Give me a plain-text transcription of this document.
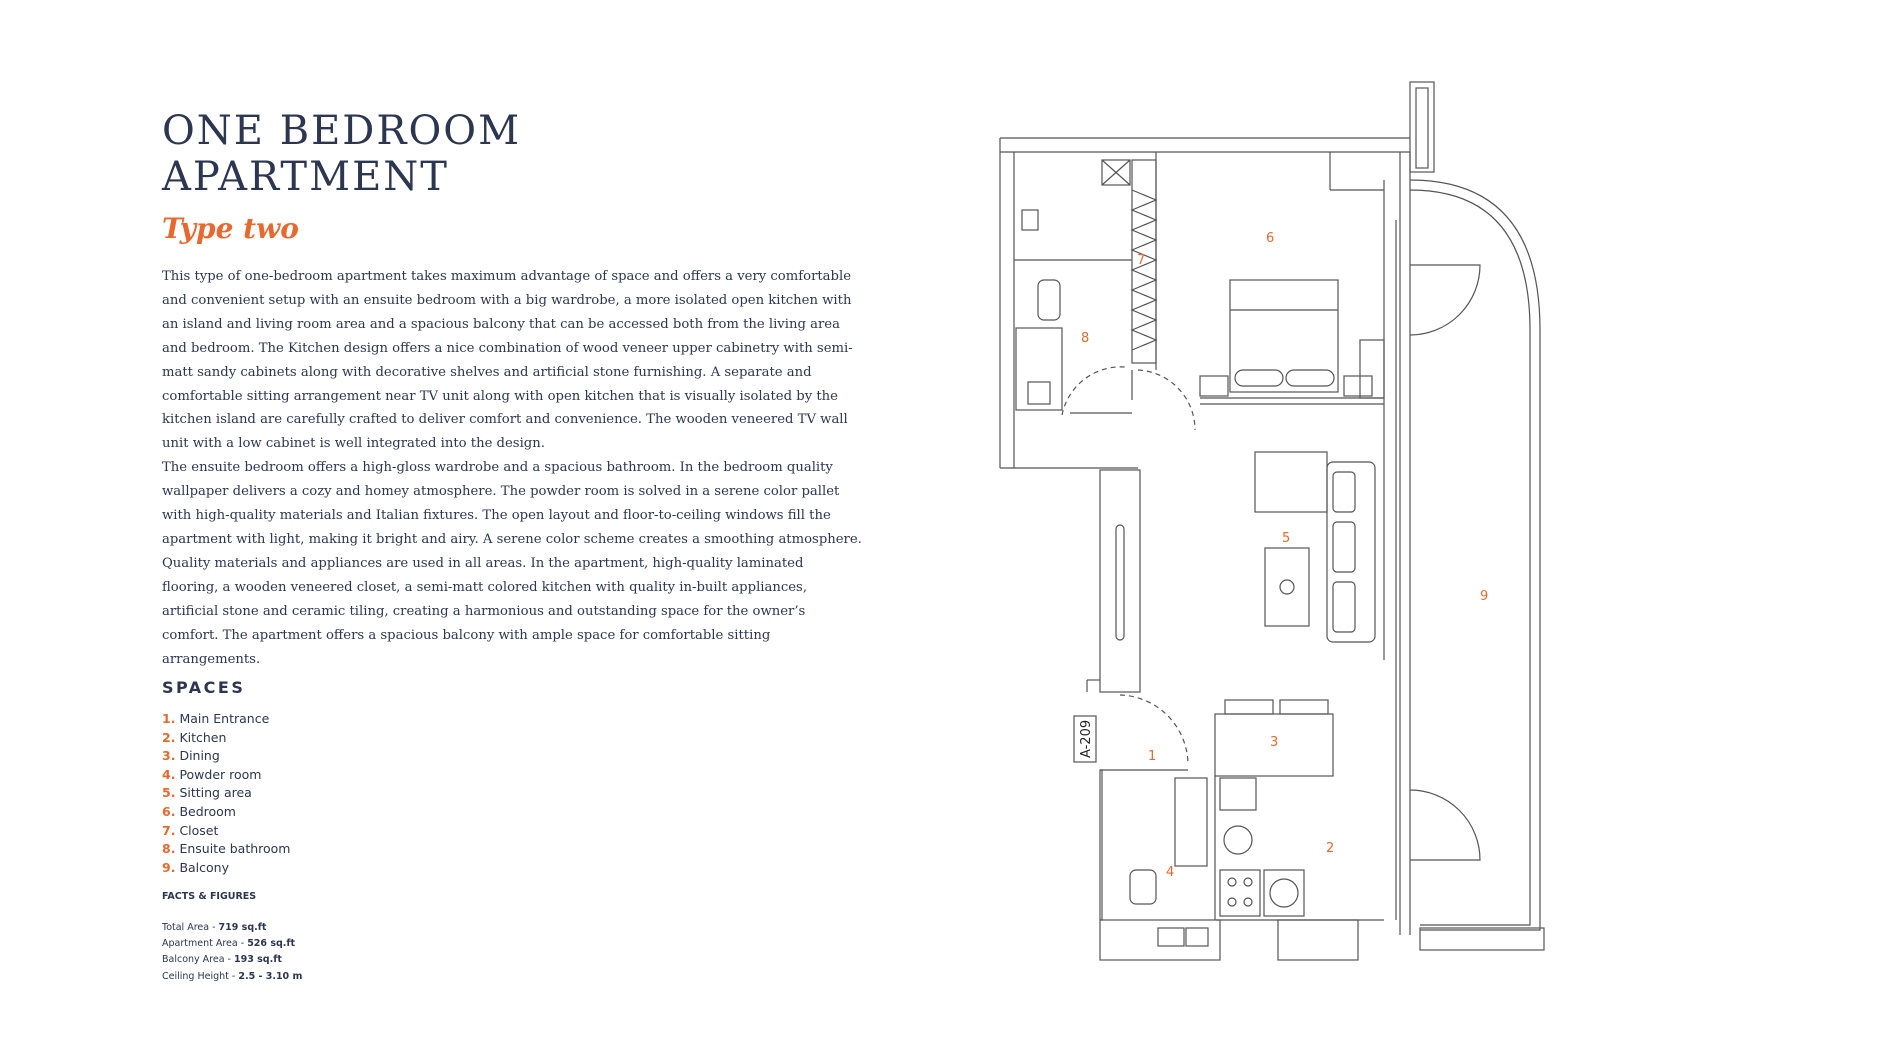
ONE BEDROOM
APARTMENT
Type two

This type of one-bedroom apartment takes maximum advantage of space and offers a very comfortable and convenient setup with an ensuite bedroom with a big wardrobe, a more isolated open kitchen with an island and living room area and a spacious balcony that can be accessed both from the living area and bedroom. The Kitchen design offers a nice combination of wood veneer upper cabinetry with semi-matt sandy cabinets along with decorative shelves and artificial stone furnishing. A separate and comfortable sitting arrangement near TV unit along with open kitchen that is visually isolated by the kitchen island are carefully crafted to deliver comfort and convenience. The wooden veneered TV wall unit with a low cabinet is well integrated into the design.

The ensuite bedroom offers a high-gloss wardrobe and a spacious bathroom. In the bedroom quality wallpaper delivers a cozy and homey atmosphere. The powder room is solved in a serene color pallet with high-quality materials and Italian fixtures. The open layout and floor-to-ceiling windows fill the apartment with light, making it bright and airy. A serene color scheme creates a smoothing atmosphere. Quality materials and appliances are used in all areas. In the apartment, high-quality laminated flooring, a wooden veneered closet, a semi-matt colored kitchen with quality in-built appliances, artificial stone and ceramic tiling, creating a harmonious and outstanding space for the owner’s comfort. The apartment offers a spacious balcony with ample space for comfortable sitting arrangements.

SPACES
1. Main Entrance
2. Kitchen
3. Dining
4. Powder room
5. Sitting area
6. Bedroom
7. Closet
8. Ensuite bathroom
9. Balcony
FACTS & FIGURES
Total Area - 719 sq.ft
Apartment Area - 526 sq.ft
Balcony Area - 193 sq.ft
Ceiling Height - 2.5 - 3.10 m
A-209	1
2
3
4
5
6
7
8
9
